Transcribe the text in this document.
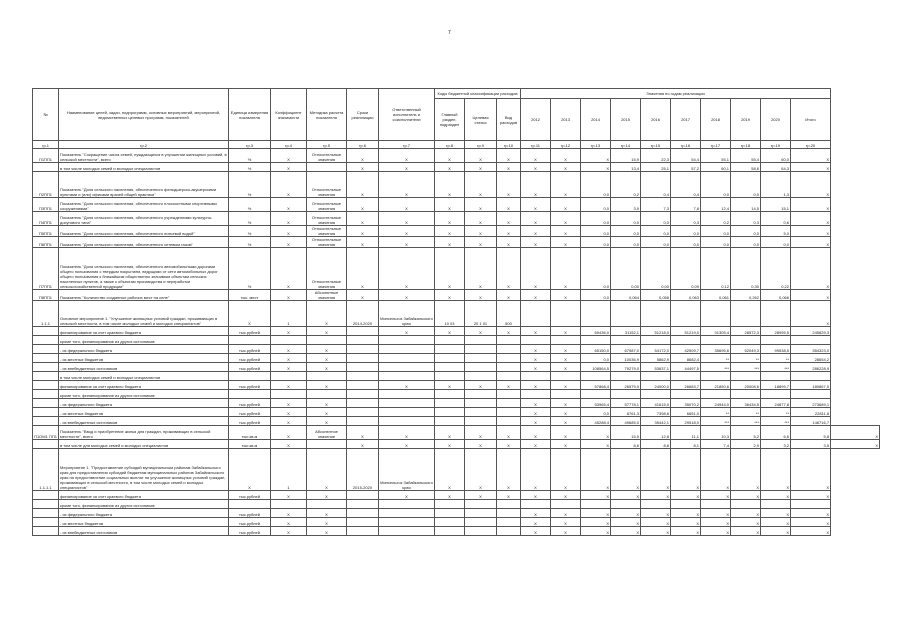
7
№	Наименование целей, задач, подпрограмм, основных мероприятий, мероприятий, ведомственных целевых программ, показателей	Единица измерения показателя	Коэффициент значимости	Методика расчета показателя	Сроки реализации	Ответственный исполнитель и соисполнители	Коды бюджетной классификации расходов			Значения по годам реализации										
							Главный раздел, подраздел	Целевая статья	Вид расходов	2012	2013	2014	2015	2016	2017	2018	2019	2020	Итого	
гр.1	гр.2	гр.3	гр.4	гр.5	гр.6	гр.7	гр.8	гр.9	гр.10	гр.11	гр.12	гр.13	гр.14	гр.15	гр.16	гр.17	гр.18	гр.19	гр.20	
П1ПП1	Показатель "Сокращение числа семей, нуждающихся в улучшении жилищных условий, в сельской местности", всего	%	X	Относительные значения	X	X	X	X	X	X	X	X	15,9	22,3	54,4	55,1	55,4	60,0	X	
	в том числе молодых семей и молодых специалистов	%	X		X	X	X	X	X	X	X	X	13,4	25,1	57,2	60,1	58,6	64,3	X	
П2ПП1	Показатель "Доля сельского населения, обеспеченного фельдшерско-акушерскими пунктами и (или) офисами врачей общей практики"	%	X	Относительные значения	X	X	X	X	X	X	X	0,0	0,2	0,4	0,4	0,0	0,0	1,3	X	
П3ПП1	Показатель "Доля сельского населения, обеспеченного плоскостными спортивными сооружениями"	%	X	Относительные значения	X	X	X	X	X	X	X	0,0	3,9	7,3	7,8	12,4	14,5	15,1	X	
П4ПП1	Показатель "Доля сельского населения, обеспеченного учреждениями культурно-досугового типа"	%	X	Относительные значения	X	X	X	X	X	X	X	0,0	0,0	0,0	0,3	0,2	0,3	0,6	X	
П5ПП1	Показатель "Доля сельского населения, обеспеченного питьевой водой"	%	X	Относительные значения	X	X	X	X	X	X	X	0,0	0,0	0,0	0,0	0,0	0,0	5,0	X	
П6ПП1	Показатель "Доля сельского населения, обеспеченного сетевым газом"	%	X	Относительные значения	X	X	X	X	X	X	X	0,0	0,0	0,0	0,0	0,0	0,0	0,0	X	
П7ПП1	Показатель "Доля сельского населения, обеспеченного автомобильными дорогами общего пользования с твердым покрытием, ведущими от сети автомобильных дорог общего пользования к ближайшим общественно значимым объектам сельских населенных пунктов, а также к объектам производства и переработки сельскохозяйственной продукции"	%	X	Относительные значения	X	X	X	X	X	X	X	0,0	0,00	0,00	0,09	0,12	0,30	0,22	X	
П8ПП1	Показатель "Количество созданных рабочих мест на селе"	тыс. мест	X	Абсолютные значения	X	X	X	X	X	X	X	0,0	0,064	0,058	0,063	0,061	0,262	0,066	X	
1.1.1	Основное мероприятие 1. "Улучшение жилищных условий граждан, проживающих в сельской местности, в том числе молодых семей и молодых специалистов"	X	1	X	2014-2020	Минсельхоз Забайкальского края	10 03	20 1 01	500										X	
	финансирование за счет краевого бюджета	тыс.рублей	X	X		X	X	X	X	X	X	69436,0	31152,1	51218,0	51219,0	31305,4	28572,3	28995,5	245829,3	
	кроме того, финансирование из других источников:																			
	- из федерального бюджета	тыс.рублей	X	X						X	X	65150,0	67987,0	54172,0	42509,7	35695,6	52049,3	99538,5	354323,0	
	- из местных бюджетов	тыс.рублей	X	X						X	X	0,0	10036,9	5862,9	8682,4	**	**	**	28654,2	
	- из внебюджетных источников	тыс.рублей	X	X						X	X	108564,5	79279,0	53637,1	44497,5	***	***	***	286228,9	
	в том числе молодых семей и молодых специалистов																			
	финансирование за счет краевого бюджета	тыс.рублей	X	X		X	X	X	X	X	X	57868,4	26579,0	24000,0	26683,7	21850,6	20008,6	18899,7	189867,0	
	кроме того, финансирование из других источников:																			
	- из федерального бюджета	тыс.рублей	X	X						X	X	53965,4	57778,1	41615,0	35070,2	24944,0	36434,5	24877,8	273689,1	
	- из местных бюджетов	тыс.рублей	X	X						X	X	0,0	8761,3	7398,6	6651,0	**	**	**	22811,8	
	- из внебюджетных источников	тыс.рублей	X	X						X	X	45288,4	49685,0	35442,1	29518,0	***	***	***	146716,7	
П1ОМ1 ПП1	Показатель "Ввод и приобретение жилья для граждан, проживающих в сельской местности", всего	тыс.кв.м	X	Абсолютное значение	X	X	X	X	X	X	X	X	15,5	12,8	11,1	10,3	5,2	6,6	5,8	X
	в том числе для молодых семей и молодых специалистов	тыс.кв.м	X		X	X	X	X	X	X	X	X	8,6	8,8	8,1	7,4	2,9	3,2	3,5	X
1.1.1.1	Мероприятие 1. "Предоставление субсидий муниципальным районам Забайкальского края для предоставления субсидий бюджетам муниципальных районов Забайкальского края на предоставление социальных выплат на улучшение жилищных условий граждан, проживающих в сельской местности, в том числе молодых семей и молодых специалистов"	X	1	X	2015-2020	Минсельхоз Забайкальского края	X	X	X	X	X	X	X	X	X	X	X	X	X	
	финансирование за счет краевого бюджета	тыс.рублей	X	X		X	X	X	X	X	X	X	X	X	X	X	X	X	X	
	кроме того, финансирование из других источников:																			
	- из федерального бюджета	тыс.рублей	X	X						X	X	X	X	X	X	X	X	X	X	
	- из местных бюджетов	тыс.рублей	X	X						X	X	X	X	X	X	X	X	X	X	
	- из внебюджетных источников	тыс.рублей	X	X						X	X	X	X	X	X	X	X	X	X	
